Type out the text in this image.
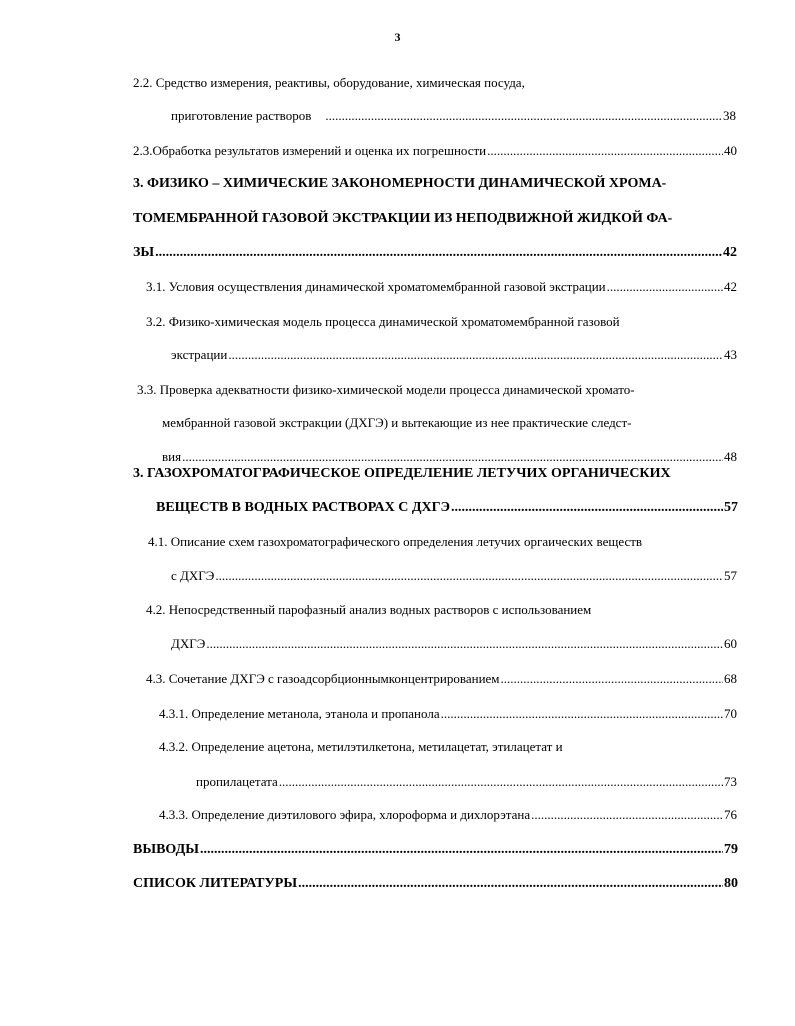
3
2.2. Средство измерения, реактивы, оборудование, химическая посуда,
приготовление растворов .....	38
2.3.Обработка результатов измерений и оценка их погрешности .....	40
3. ФИЗИКО – ХИМИЧЕСКИЕ ЗАКОНОМЕРНОСТИ ДИНАМИЧЕСКОЙ ХРОМА-
ТОМЕМБРАННОЙ ГАЗОВОЙ ЭКСТРАКЦИИ ИЗ НЕПОДВИЖНОЙ ЖИДКОЙ ФА-
ЗЫ .....	42
3.1. Условия осуществления динамической хроматомембранной газовой экстрации .....	42
3.2. Физико-химическая модель процесса динамической хроматомембранной газовой
экстрации .....	43
3.3. Проверка адекватности физико-химической модели процесса динамической хромато-
мембранной газовой экстракции (ДХГЭ) и вытекающие из нее практические следст-
вия .....	48
3. ГАЗОХРОМАТОГРАФИЧЕСКОЕ ОПРЕДЕЛЕНИЕ ЛЕТУЧИХ ОРГАНИЧЕСКИХ
ВЕЩЕСТВ В ВОДНЫХ РАСТВОРАХ С ДХГЭ .....	57
4.1. Описание схем газохроматографического определения летучих оргаических веществ
с ДХГЭ .....	57
4.2. Непосредственный парофазный анализ водных растворов с использованием
ДХГЭ .....	60
4.3. Сочетание ДХГЭ с газоадсорбционнымконцентрированием .....	68
4.3.1. Определение метанола, этанола и пропанола .....	70
4.3.2. Определение ацетона, метилэтилкетона, метилацетат, этилацетат и
пропилацетата .....	73
4.3.3. Определение диэтилового эфира, хлороформа и дихлорэтана .....	76
ВЫВОДЫ .....	79
СПИСОК ЛИТЕРАТУРЫ .....	80
